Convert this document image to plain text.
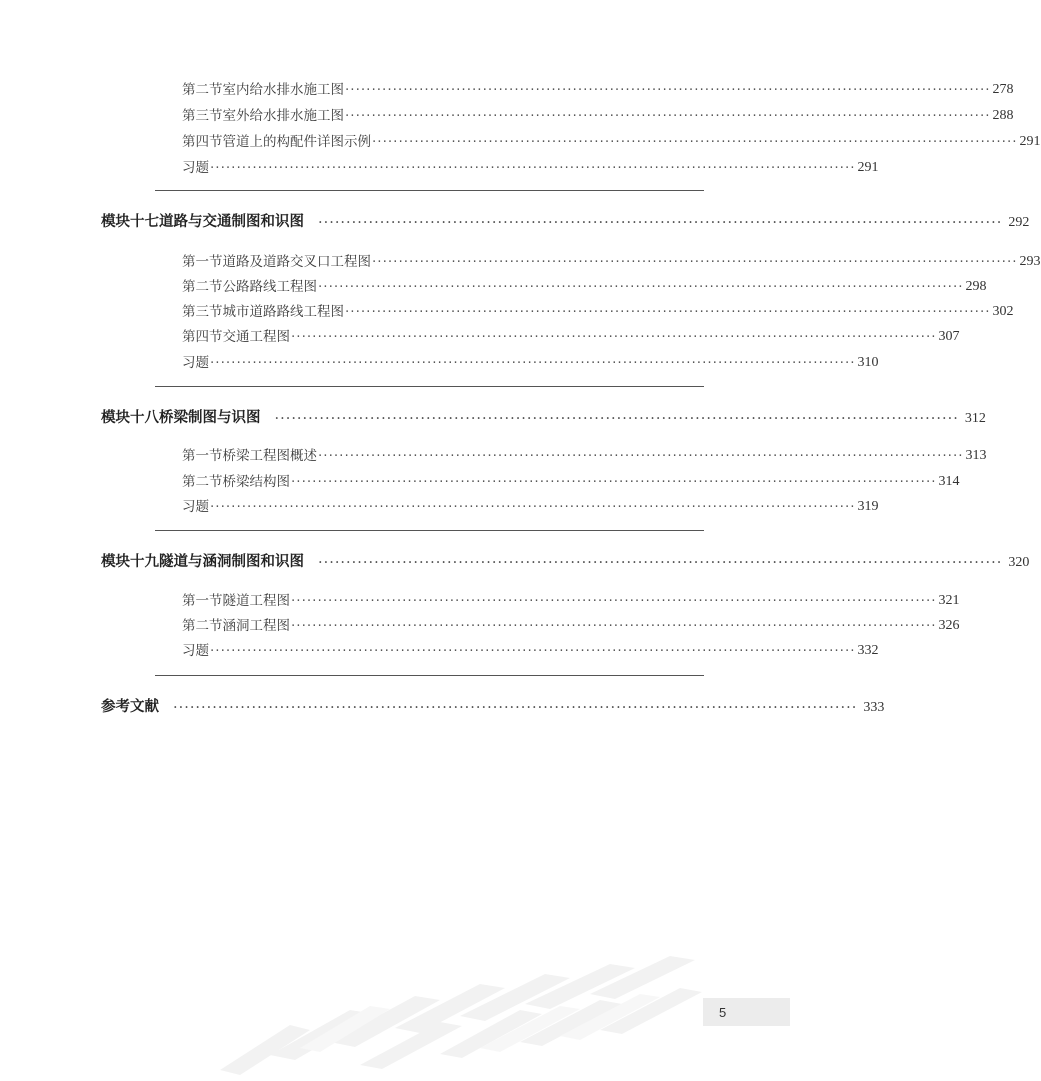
第二节 室内给水排水施工图 ·························································································································· 278
第三节 室外给水排水施工图 ·························································································································· 288
第四节 管道上的构配件详图示例 ·························································································································· 291
习题 ·························································································································· 291
模块十七 道路与交通制图和识图 ·························································································································· 292
第一节 道路及道路交叉口工程图 ·························································································································· 293
第二节 公路路线工程图 ·························································································································· 298
第三节 城市道路路线工程图 ·························································································································· 302
第四节 交通工程图 ·························································································································· 307
习题 ·························································································································· 310
模块十八 桥梁制图与识图 ·························································································································· 312
第一节 桥梁工程图概述 ·························································································································· 313
第二节 桥梁结构图 ·························································································································· 314
习题 ·························································································································· 319
模块十九 隧道与涵洞制图和识图 ·························································································································· 320
第一节 隧道工程图 ·························································································································· 321
第二节 涵洞工程图 ·························································································································· 326
习题 ·························································································································· 332
参考文献 ·························································································································· 333
5
